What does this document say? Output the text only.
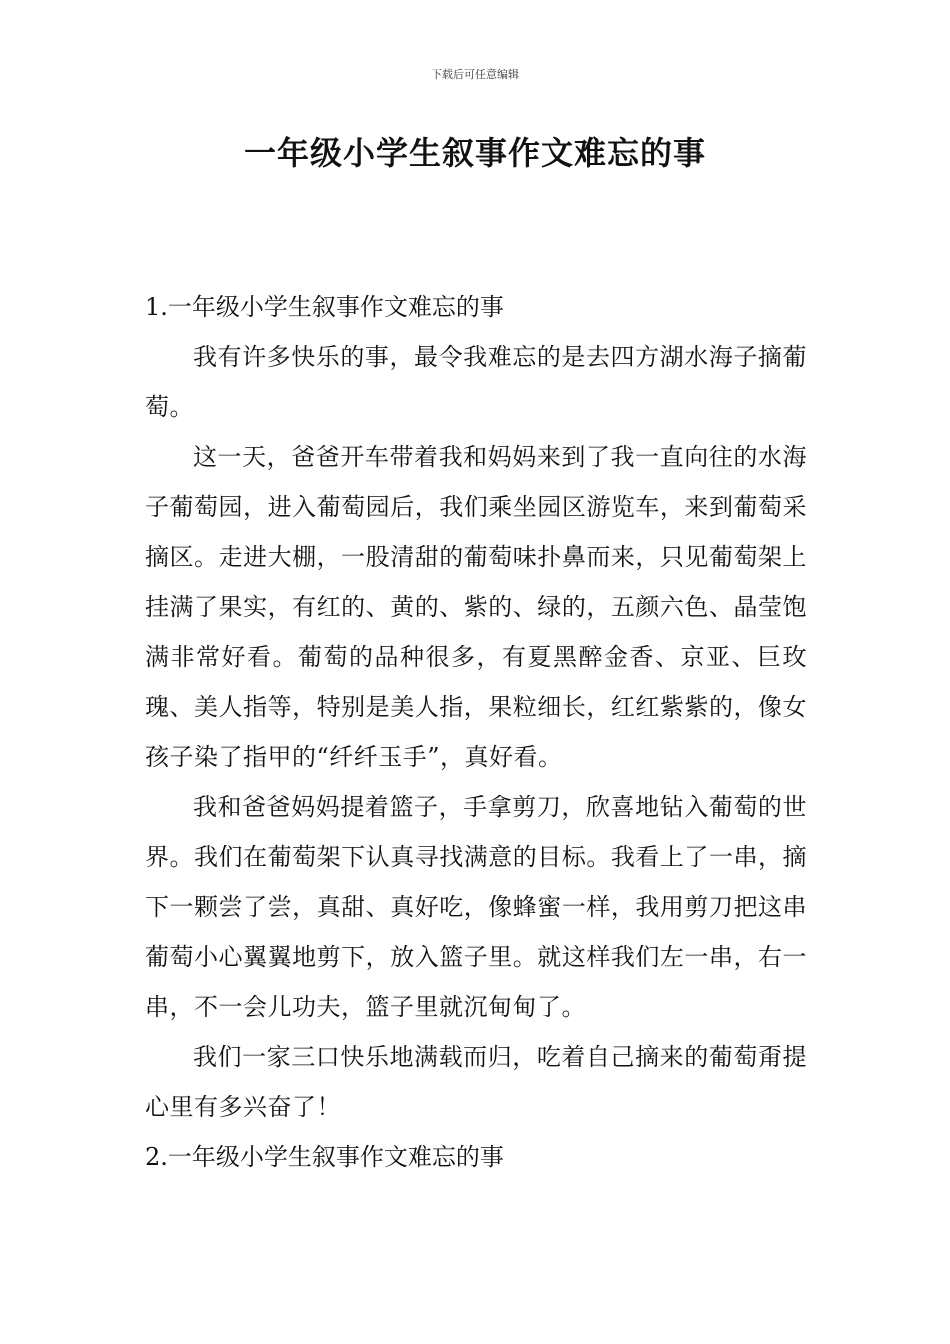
下载后可任意编辑
一年级小学生叙事作文难忘的事
1.一年级小学生叙事作文难忘的事

我有许多快乐的事，最令我难忘的是去四方湖水海子摘葡萄。

这一天，爸爸开车带着我和妈妈来到了我一直向往的水海子葡萄园，进入葡萄园后，我们乘坐园区游览车，来到葡萄采摘区。走进大棚，一股清甜的葡萄味扑鼻而来，只见葡萄架上挂满了果实，有红的、黄的、紫的、绿的，五颜六色、晶莹饱满非常好看。葡萄的品种很多，有夏黑醉金香、京亚、巨玫瑰、美人指等，特别是美人指，果粒细长，红红紫紫的，像女孩子染了指甲的“纤纤玉手”，真好看。

我和爸爸妈妈提着篮子，手拿剪刀，欣喜地钻入葡萄的世界。我们在葡萄架下认真寻找满意的目标。我看上了一串，摘下一颗尝了尝，真甜、真好吃，像蜂蜜一样，我用剪刀把这串葡萄小心翼翼地剪下，放入篮子里。就这样我们左一串，右一串，不一会儿功夫，篮子里就沉甸甸了。

我们一家三口快乐地满载而归，吃着自己摘来的葡萄甭提心里有多兴奋了！

2.一年级小学生叙事作文难忘的事
